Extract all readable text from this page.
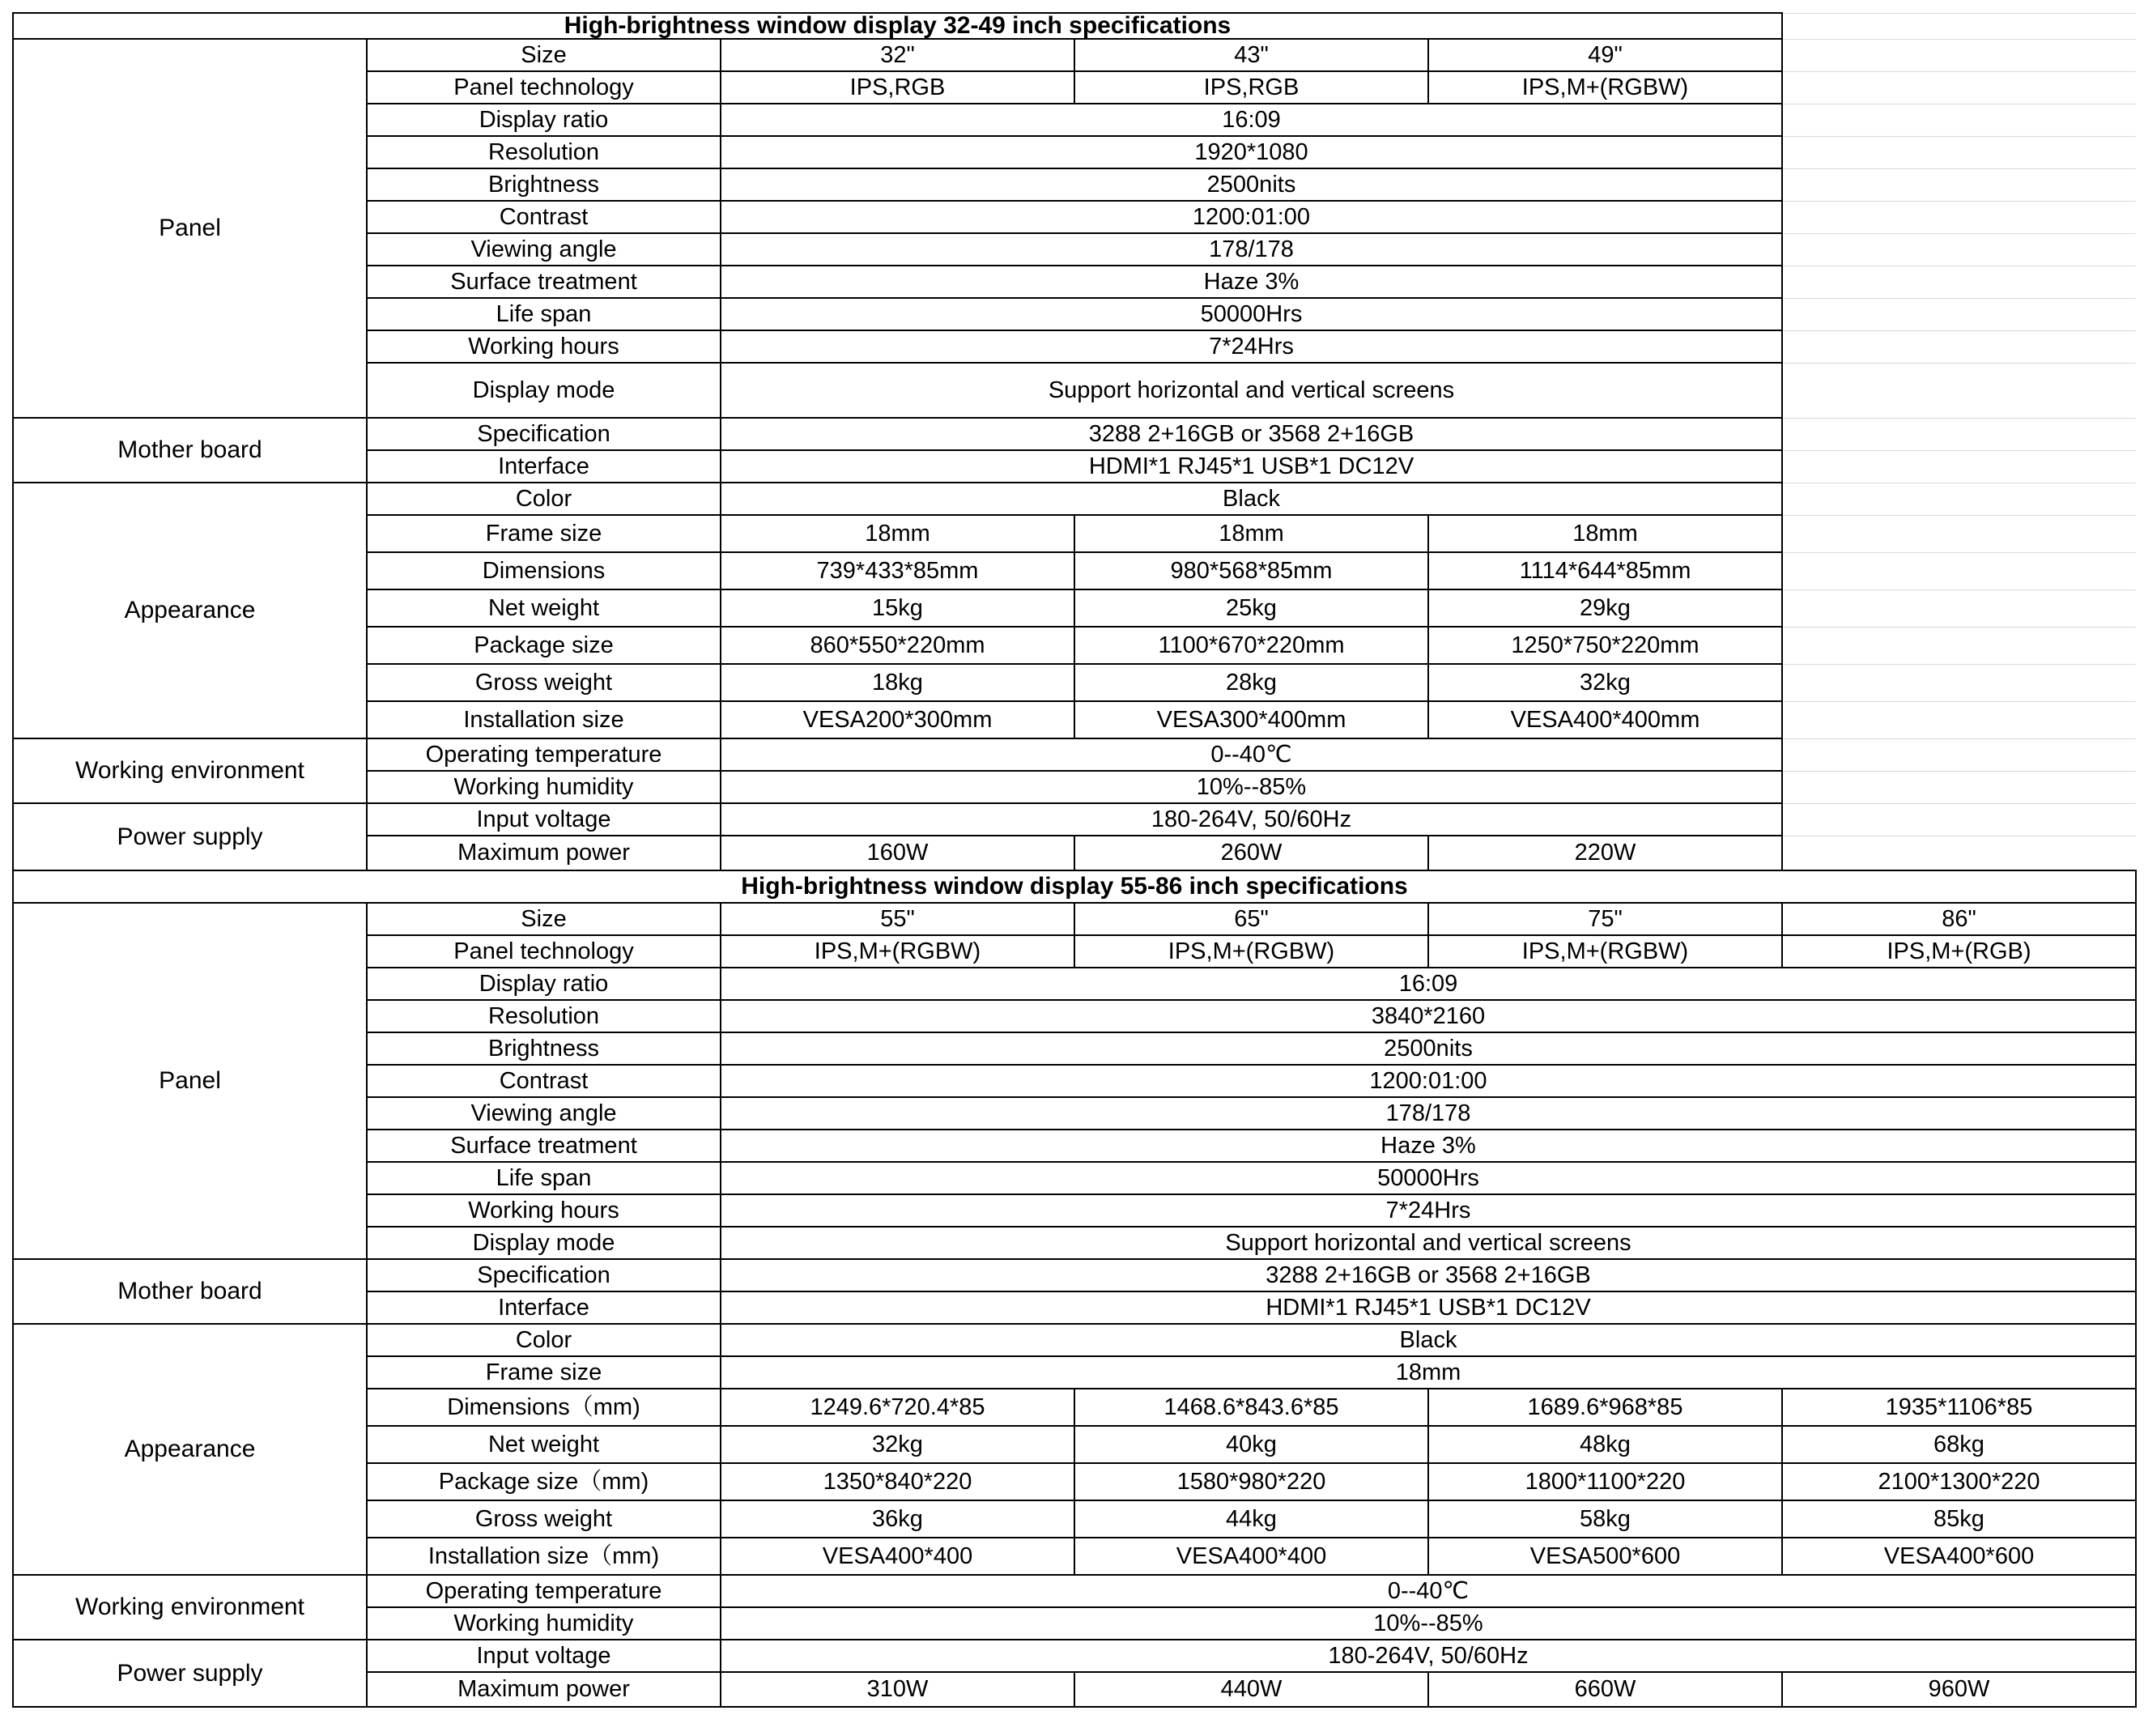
High-brightness window display 32-49 inch specifications					
Panel	Size	32"	43"	49"	
	Panel technology	IPS,RGB	IPS,RGB	IPS,M+(RGBW)	
	Display ratio	16:09			
	Resolution	1920*1080			
	Brightness	2500nits			
	Contrast	1200:01:00			
	Viewing angle	178/178			
	Surface treatment	Haze 3%			
	Life span	50000Hrs			
	Working hours	7*24Hrs			
	Display mode	Support horizontal and vertical screens			
Mother board	Specification	3288 2+16GB or 3568 2+16GB			
	Interface	HDMI*1 RJ45*1 USB*1 DC12V			
Appearance	Color	Black			
	Frame size	18mm	18mm	18mm	
	Dimensions	739*433*85mm	980*568*85mm	1114*644*85mm	
	Net weight	15kg	25kg	29kg	
	Package size	860*550*220mm	1100*670*220mm	1250*750*220mm	
	Gross weight	18kg	28kg	32kg	
	Installation size	VESA200*300mm	VESA300*400mm	VESA400*400mm	
Working environment	Operating temperature	0--40℃			
	Working humidity	10%--85%			
Power supply	Input voltage	180-264V, 50/60Hz			
	Maximum power	160W	260W	220W	
High-brightness window display 55-86 inch specifications					
Panel	Size	55"	65"	75"	86"
	Panel technology	IPS,M+(RGBW)	IPS,M+(RGBW)	IPS,M+(RGBW)	IPS,M+(RGB)
	Display ratio	16:09			
	Resolution	3840*2160			
	Brightness	2500nits			
	Contrast	1200:01:00			
	Viewing angle	178/178			
	Surface treatment	Haze 3%			
	Life span	50000Hrs			
	Working hours	7*24Hrs			
	Display mode	Support horizontal and vertical screens			
Mother board	Specification	3288 2+16GB or 3568 2+16GB			
	Interface	HDMI*1 RJ45*1 USB*1 DC12V			
Appearance	Color	Black			
	Frame size	18mm			
	Dimensions（mm)	1249.6*720.4*85	1468.6*843.6*85	1689.6*968*85	1935*1106*85
	Net weight	32kg	40kg	48kg	68kg
	Package size（mm)	1350*840*220	1580*980*220	1800*1100*220	2100*1300*220
	Gross weight	36kg	44kg	58kg	85kg
	Installation size（mm)	VESA400*400	VESA400*400	VESA500*600	VESA400*600
Working environment	Operating temperature	0--40℃			
	Working humidity	10%--85%			
Power supply	Input voltage	180-264V, 50/60Hz			
	Maximum power	310W	440W	660W	960W
